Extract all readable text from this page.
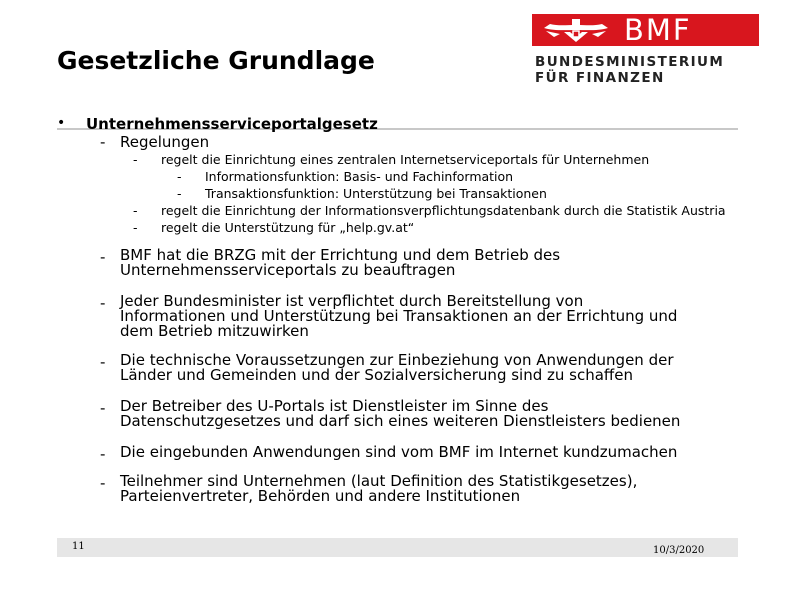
Gesetzliche Grundlage
BMF
BUNDESMINISTERIUM
FÜR FINANZEN
• Unternehmensserviceportalgesetz
- Regelungen
- regelt die Einrichtung eines zentralen Internetserviceportals für Unternehmen
- Informationsfunktion: Basis- und Fachinformation
- Transaktionsfunktion: Unterstützung bei Transaktionen
- regelt die Einrichtung der Informationsverpflichtungsdatenbank durch die Statistik Austria
- regelt die Unterstützung für „help.gv.at“
- BMF hat die BRZG mit der Errichtung und dem Betrieb des
Unternehmensserviceportals zu beauftragen
- Jeder Bundesminister ist verpflichtet durch Bereitstellung von
Informationen und Unterstützung bei Transaktionen an der Errichtung und
dem Betrieb mitzuwirken
- Die technische Voraussetzungen zur Einbeziehung von Anwendungen der
Länder und Gemeinden und der Sozialversicherung sind zu schaffen
- Der Betreiber des U-Portals ist Dienstleister im Sinne des
Datenschutzgesetzes und darf sich eines weiteren Dienstleisters bedienen
- Die eingebunden Anwendungen sind vom BMF im Internet kundzumachen
- Teilnehmer sind Unternehmen (laut Definition des Statistikgesetzes),
Parteienvertreter, Behörden und andere Institutionen
11	10/3/2020
